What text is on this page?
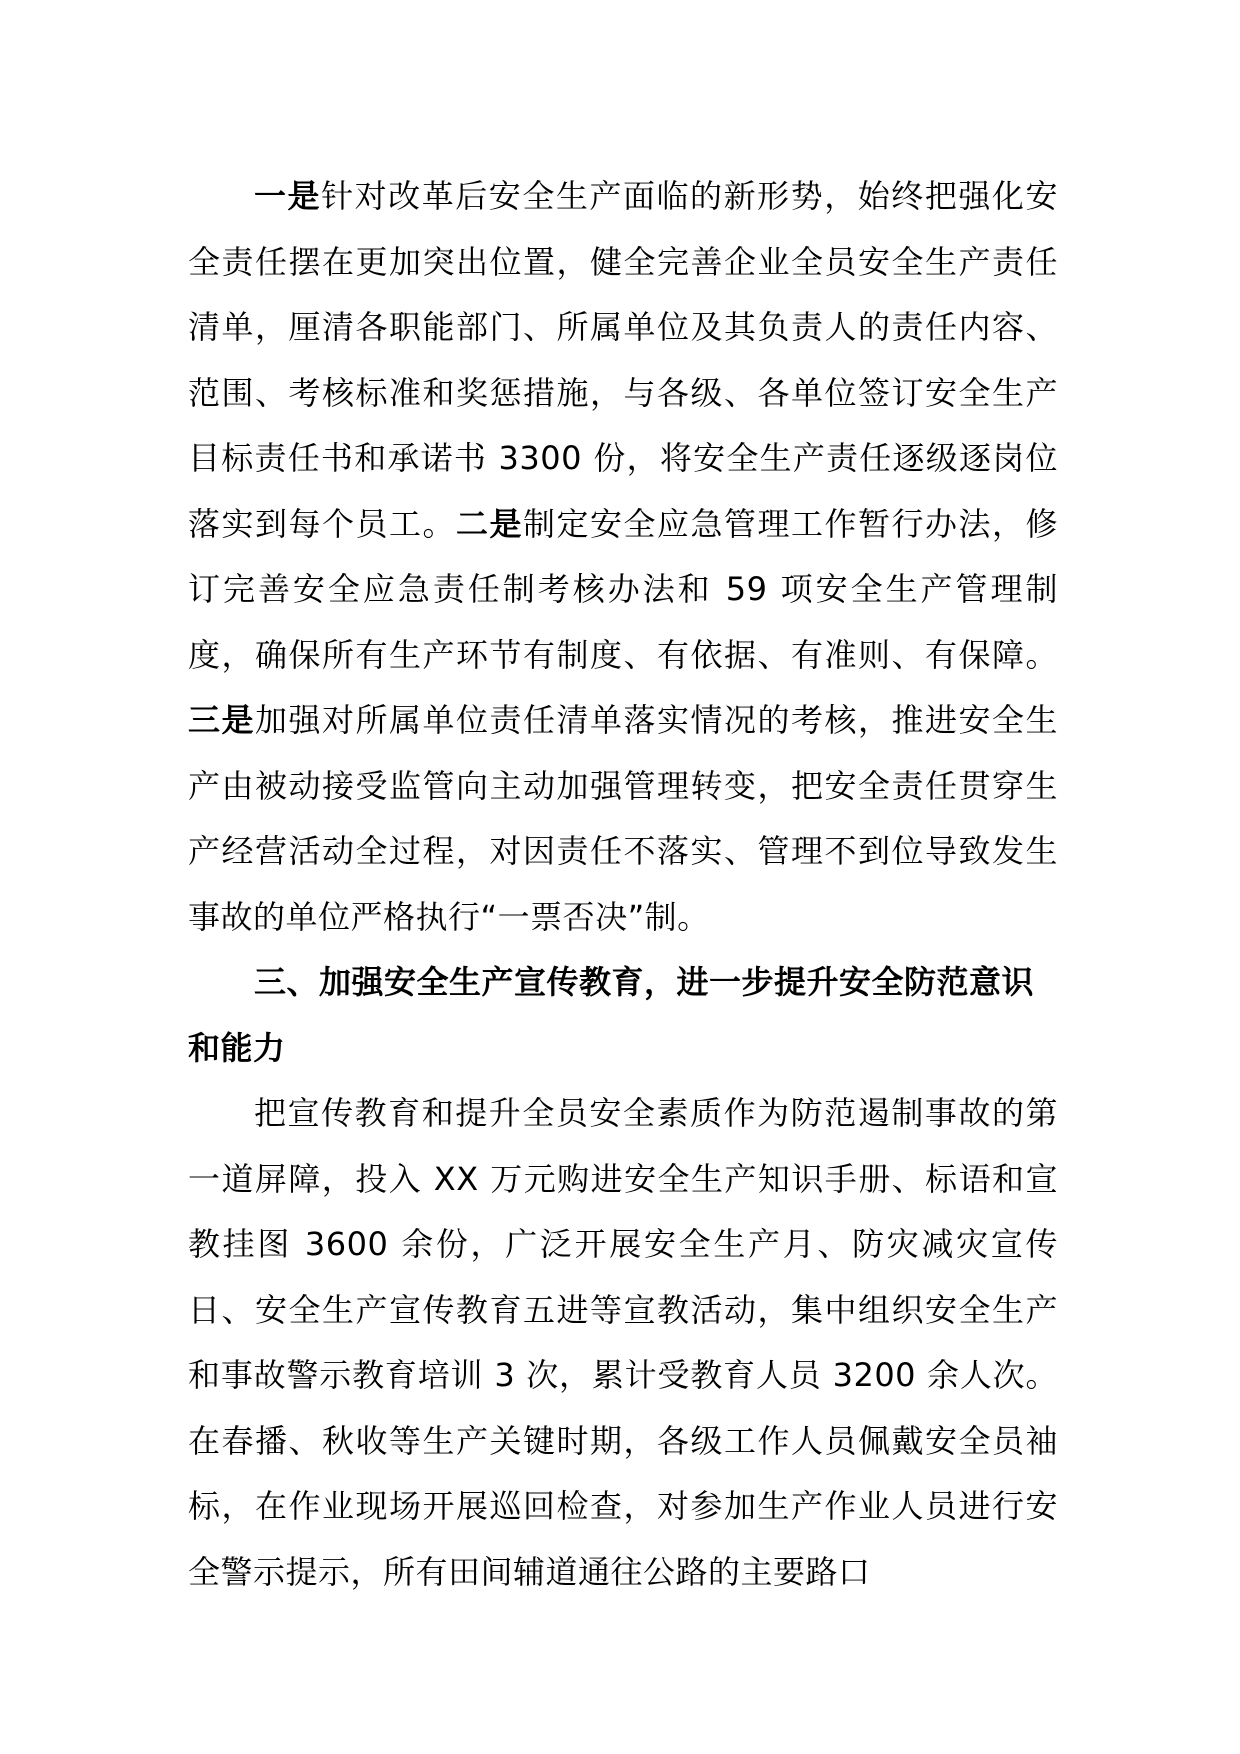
一是针对改革后安全生产面临的新形势，始终把强化安全责任摆在更加突出位置，健全完善企业全员安全生产责任清单，厘清各职能部门、所属单位及其负责人的责任内容、范围、考核标准和奖惩措施，与各级、各单位签订安全生产目标责任书和承诺书 3300 份，将安全生产责任逐级逐岗位落实到每个员工。二是制定安全应急管理工作暂行办法，修订完善安全应急责任制考核办法和 59 项安全生产管理制度，确保所有生产环节有制度、有依据、有准则、有保障。三是加强对所属单位责任清单落实情况的考核，推进安全生产由被动接受监管向主动加强管理转变，把安全责任贯穿生产经营活动全过程，对因责任不落实、管理不到位导致发生事故的单位严格执行“一票否决”制。

三、加强安全生产宣传教育，进一步提升安全防范意识和能力

把宣传教育和提升全员安全素质作为防范遏制事故的第一道屏障，投入 XX 万元购进安全生产知识手册、标语和宣教挂图 3600 余份，广泛开展安全生产月、防灾减灾宣传日、安全生产宣传教育五进等宣教活动，集中组织安全生产和事故警示教育培训 3 次，累计受教育人员 3200 余人次。在春播、秋收等生产关键时期，各级工作人员佩戴安全员袖标，在作业现场开展巡回检查，对参加生产作业人员进行安全警示提示，所有田间辅道通往公路的主要路口
